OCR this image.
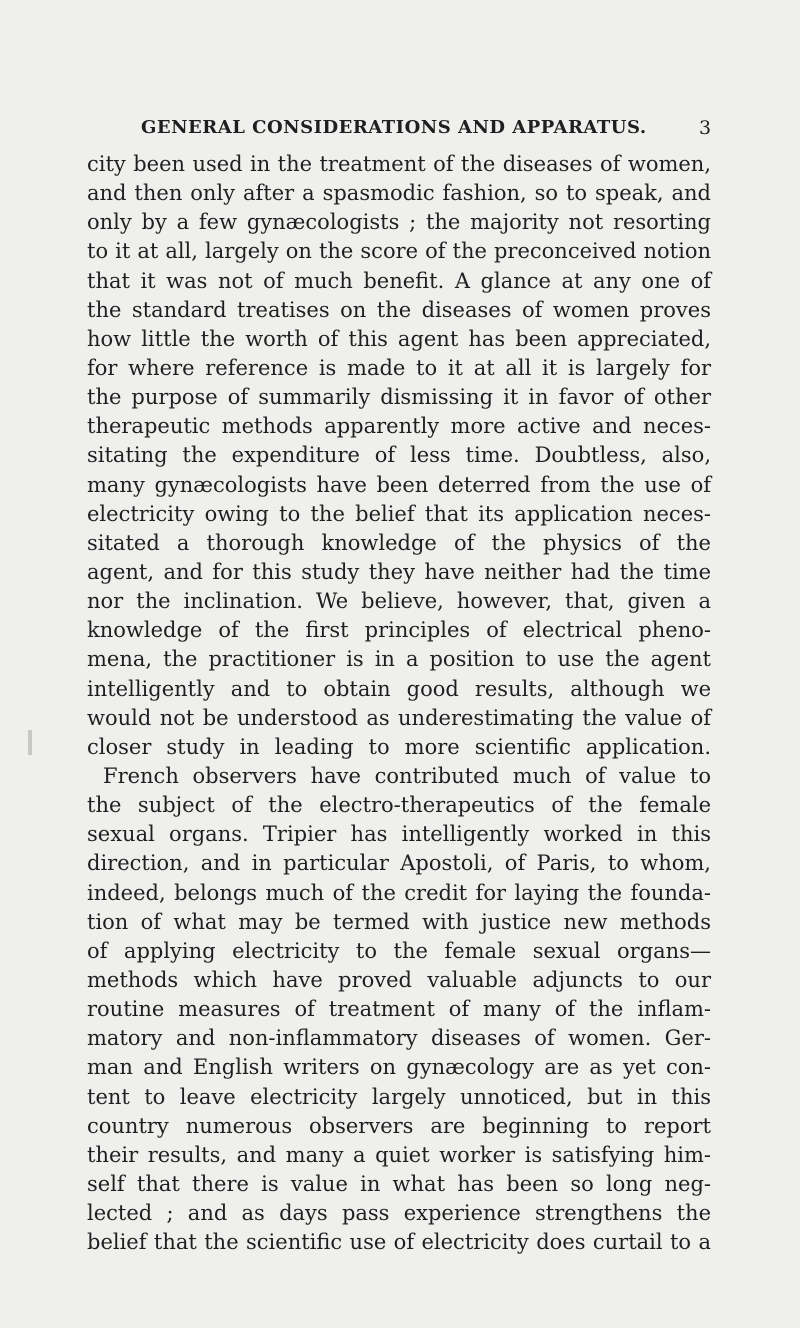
GENERAL CONSIDERATIONS AND APPARATUS.	3
city been used in the treatment of the diseases of women,
and then only after a spasmodic fashion, so to speak, and
only by a few gynæcologists ; the majority not resorting
to it at all, largely on the score of the preconceived notion
that it was not of much benefit. A glance at any one of
the standard treatises on the diseases of women proves
how little the worth of this agent has been appreciated,
for where reference is made to it at all it is largely for
the purpose of summarily dismissing it in favor of other
therapeutic methods apparently more active and neces-
sitating the expenditure of less time. Doubtless, also,
many gynæcologists have been deterred from the use of
electricity owing to the belief that its application neces-
sitated a thorough knowledge of the physics of the
agent, and for this study they have neither had the time
nor the inclination. We believe, however, that, given a
knowledge of the first principles of electrical pheno-
mena, the practitioner is in a position to use the agent
intelligently and to obtain good results, although we
would not be understood as underestimating the value of
closer study in leading to more scientific application.
French observers have contributed much of value to
the subject of the electro-therapeutics of the female
sexual organs. Tripier has intelligently worked in this
direction, and in particular Apostoli, of Paris, to whom,
indeed, belongs much of the credit for laying the founda-
tion of what may be termed with justice new methods
of applying electricity to the female sexual organs—
methods which have proved valuable adjuncts to our
routine measures of treatment of many of the inflam-
matory and non-inflammatory diseases of women. Ger-
man and English writers on gynæcology are as yet con-
tent to leave electricity largely unnoticed, but in this
country numerous observers are beginning to report
their results, and many a quiet worker is satisfying him-
self that there is value in what has been so long neg-
lected ; and as days pass experience strengthens the
belief that the scientific use of electricity does curtail to a
